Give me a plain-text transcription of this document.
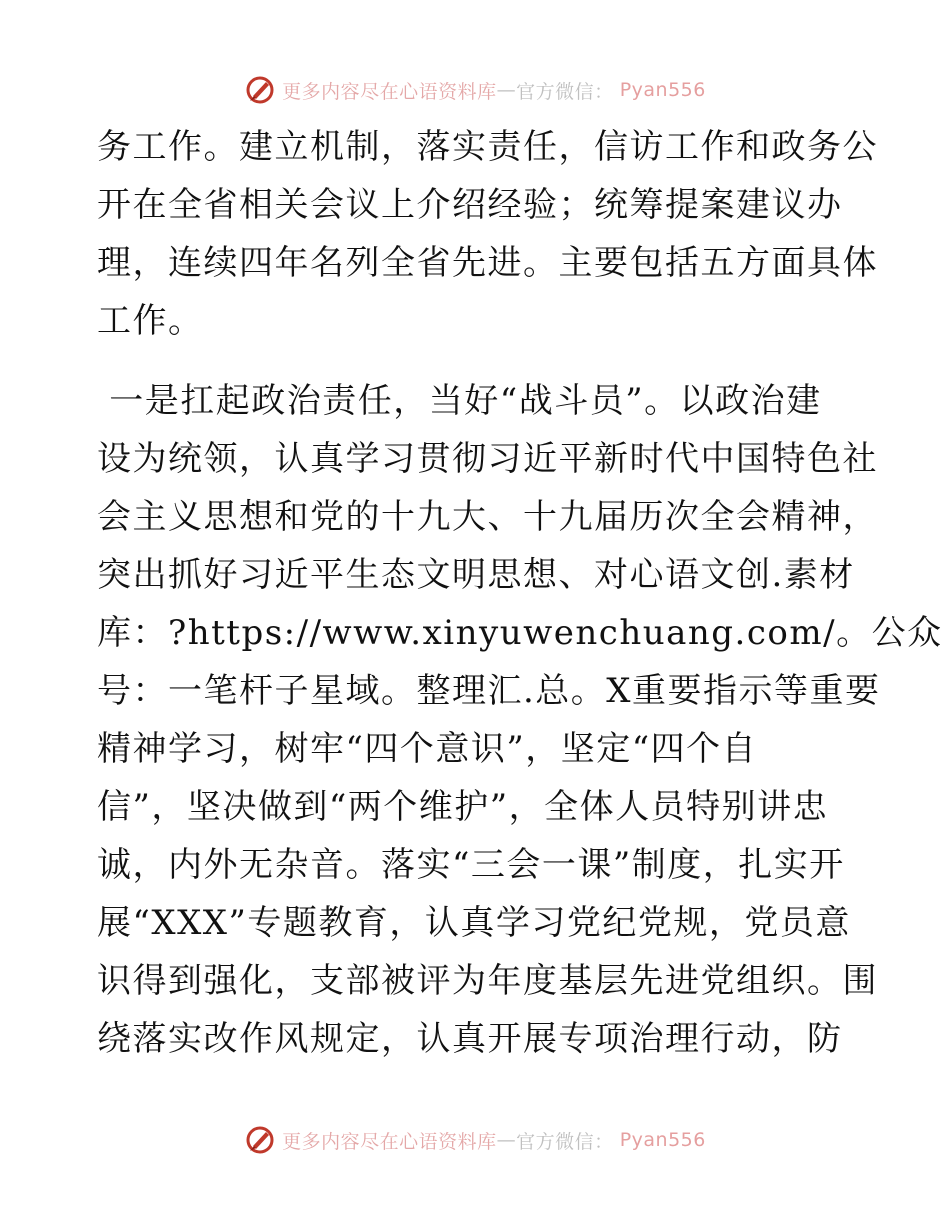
更多内容尽在心语资料库 — 官方微信： Pyan556
务工作。建立机制，落实责任，信访工作和政务公
开在全省相关会议上介绍经验；统筹提案建议办
理，连续四年名列全省先进。主要包括五方面具体
工作。
一是扛起政治责任，当好“战斗员”。以政治建
设为统领，认真学习贯彻习近平新时代中国特色社
会主义思想和党的十九大、十九届历次全会精神，
突出抓好习近平生态文明思想、对心语文创.素材
库：?https://www.xinyuwenchuang.com/。公众
号：一笔杆子星域。整理汇.总。X重要指示等重要
精神学习，树牢“四个意识”，坚定“四个自
信”，坚决做到“两个维护”，全体人员特别讲忠
诚，内外无杂音。落实“三会一课”制度，扎实开
展“XXX”专题教育，认真学习党纪党规，党员意
识得到强化，支部被评为年度基层先进党组织。围
绕落实改作风规定，认真开展专项治理行动，防
更多内容尽在心语资料库 — 官方微信： Pyan556
